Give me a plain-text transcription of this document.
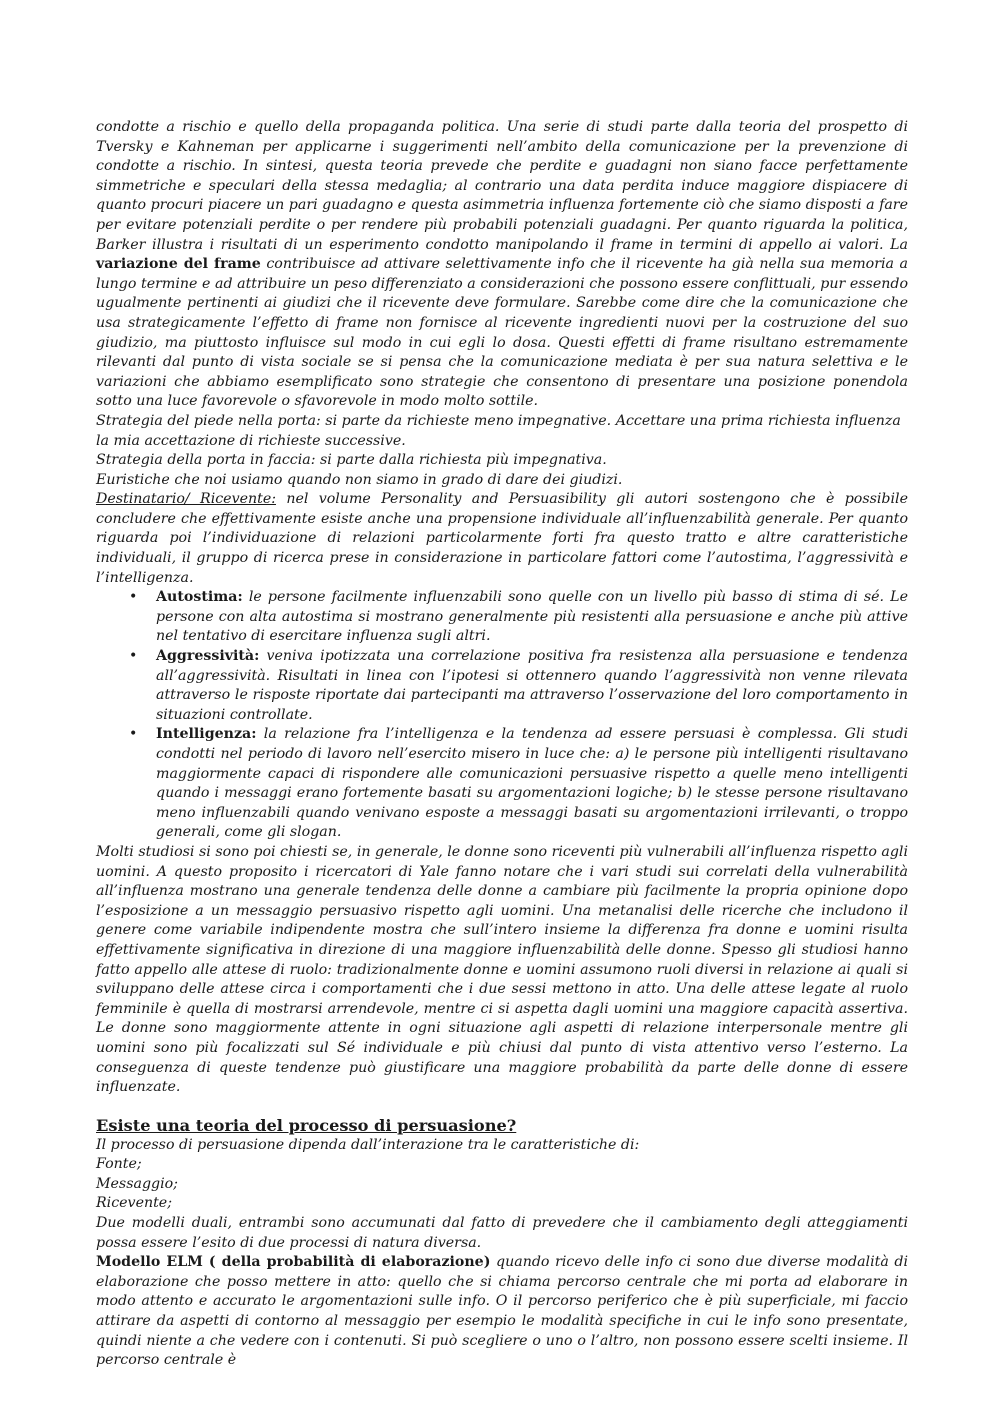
condotte a rischio e quello della propaganda politica. Una serie di studi parte dalla teoria del prospetto di Tversky e Kahneman per applicarne i suggerimenti nell’ambito della comunicazione per la prevenzione di condotte a rischio. In sintesi, questa teoria prevede che perdite e guadagni non siano facce perfettamente simmetriche e speculari della stessa medaglia; al contrario una data perdita induce maggiore dispiacere di quanto procuri piacere un pari guadagno e questa asimmetria influenza fortemente ciò che siamo disposti a fare per evitare potenziali perdite o per rendere più probabili potenziali guadagni. Per quanto riguarda la politica, Barker illustra i risultati di un esperimento condotto manipolando il frame in termini di appello ai valori. La variazione del frame contribuisce ad attivare selettivamente info che il ricevente ha già nella sua memoria a lungo termine e ad attribuire un peso differenziato a considerazioni che possono essere conflittuali, pur essendo ugualmente pertinenti ai giudizi che il ricevente deve formulare. Sarebbe come dire che la comunicazione che usa strategicamente l’effetto di frame non fornisce al ricevente ingredienti nuovi per la costruzione del suo giudizio, ma piuttosto influisce sul modo in cui egli lo dosa. Questi effetti di frame risultano estremamente rilevanti dal punto di vista sociale se si pensa che la comunicazione mediata è per sua natura selettiva e le variazioni che abbiamo esemplificato sono strategie che consentono di presentare una posizione ponendola sotto una luce favorevole o sfavorevole in modo molto sottile.

Strategia del piede nella porta: si parte da richieste meno impegnative. Accettare una prima richiesta influenza la mia accettazione di richieste successive.

Strategia della porta in faccia: si parte dalla richiesta più impegnativa.

Euristiche che noi usiamo quando non siamo in grado di dare dei giudizi.

Destinatario/ Ricevente: nel volume Personality and Persuasibility gli autori sostengono che è possibile concludere che effettivamente esiste anche una propensione individuale all’influenzabilità generale. Per quanto riguarda poi l’individuazione di relazioni particolarmente forti fra questo tratto e altre caratteristiche individuali, il gruppo di ricerca prese in considerazione in particolare fattori come l’autostima, l’aggressività e l’intelligenza.

• Autostima: le persone facilmente influenzabili sono quelle con un livello più basso di stima di sé. Le persone con alta autostima si mostrano generalmente più resistenti alla persuasione e anche più attive nel tentativo di esercitare influenza sugli altri.
• Aggressività: veniva ipotizzata una correlazione positiva fra resistenza alla persuasione e tendenza all’aggressività. Risultati in linea con l’ipotesi si ottennero quando l’aggressività non venne rilevata attraverso le risposte riportate dai partecipanti ma attraverso l’osservazione del loro comportamento in situazioni controllate.
• Intelligenza: la relazione fra l’intelligenza e la tendenza ad essere persuasi è complessa. Gli studi condotti nel periodo di lavoro nell’esercito misero in luce che: a) le persone più intelligenti risultavano maggiormente capaci di rispondere alle comunicazioni persuasive rispetto a quelle meno intelligenti quando i messaggi erano fortemente basati su argomentazioni logiche; b) le stesse persone risultavano meno influenzabili quando venivano esposte a messaggi basati su argomentazioni irrilevanti, o troppo generali, come gli slogan.

Molti studiosi si sono poi chiesti se, in generale, le donne sono riceventi più vulnerabili all’influenza rispetto agli uomini. A questo proposito i ricercatori di Yale fanno notare che i vari studi sui correlati della vulnerabilità all’influenza mostrano una generale tendenza delle donne a cambiare più facilmente la propria opinione dopo l’esposizione a un messaggio persuasivo rispetto agli uomini. Una metanalisi delle ricerche che includono il genere come variabile indipendente mostra che sull’intero insieme la differenza fra donne e uomini risulta effettivamente significativa in direzione di una maggiore influenzabilità delle donne. Spesso gli studiosi hanno fatto appello alle attese di ruolo: tradizionalmente donne e uomini assumono ruoli diversi in relazione ai quali si sviluppano delle attese circa i comportamenti che i due sessi mettono in atto. Una delle attese legate al ruolo femminile è quella di mostrarsi arrendevole, mentre ci si aspetta dagli uomini una maggiore capacità assertiva. Le donne sono maggiormente attente in ogni situazione agli aspetti di relazione interpersonale mentre gli uomini sono più focalizzati sul Sé individuale e più chiusi dal punto di vista attentivo verso l’esterno. La conseguenza di queste tendenze può giustificare una maggiore probabilità da parte delle donne di essere influenzate.

Esiste una teoria del processo di persuasione?

Il processo di persuasione dipenda dall’interazione tra le caratteristiche di:

Fonte;

Messaggio;

Ricevente;

Due modelli duali, entrambi sono accumunati dal fatto di prevedere che il cambiamento degli atteggiamenti possa essere l’esito di due processi di natura diversa.

Modello ELM ( della probabilità di elaborazione) quando ricevo delle info ci sono due diverse modalità di elaborazione che posso mettere in atto: quello che si chiama percorso centrale che mi porta ad elaborare in modo attento e accurato le argomentazioni sulle info. O il percorso periferico che è più superficiale, mi faccio attirare da aspetti di contorno al messaggio per esempio le modalità specifiche in cui le info sono presentate, quindi niente a che vedere con i contenuti. Si può scegliere o uno o l’altro, non possono essere scelti insieme. Il percorso centrale è
